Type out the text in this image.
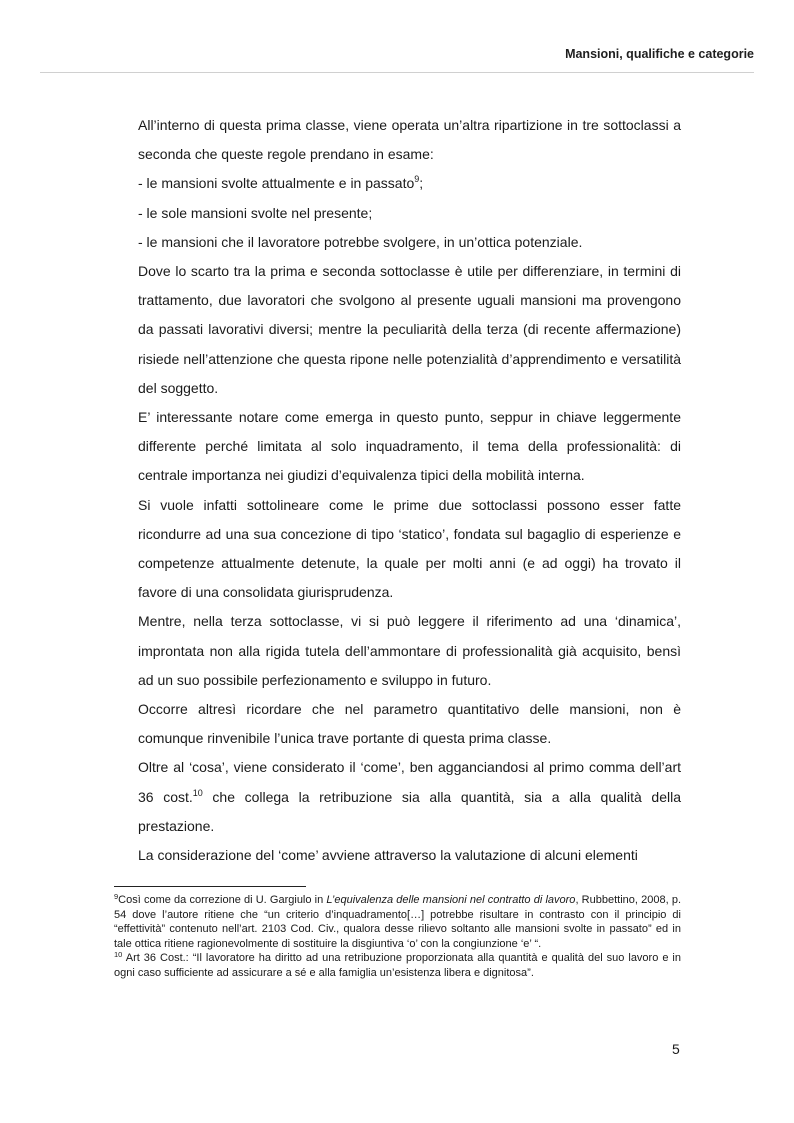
Mansioni, qualifiche e categorie

All’interno di questa prima classe, viene operata un’altra ripartizione in tre sottoclassi a seconda che queste regole prendano in esame:

- le mansioni svolte attualmente e in passato$^9$;

- le sole mansioni svolte nel presente;

- le mansioni che il lavoratore potrebbe svolgere, in un’ottica potenziale.

Dove lo scarto tra la prima e seconda sottoclasse è utile per differenziare, in termini di trattamento, due lavoratori che svolgono al presente uguali mansioni ma provengono da passati lavorativi diversi; mentre la peculiarità della terza (di recente affermazione) risiede nell’attenzione che questa ripone nelle potenzialità d’apprendimento e versatilità del soggetto.

E’ interessante notare come emerga in questo punto, seppur in chiave leggermente differente perché limitata al solo inquadramento, il tema della professionalità: di centrale importanza nei giudizi d’equivalenza tipici della mobilità interna.

Si vuole infatti sottolineare come le prime due sottoclassi possono esser fatte ricondurre ad una sua concezione di tipo ‘statico’, fondata sul bagaglio di esperienze e competenze attualmente detenute, la quale per molti anni (e ad oggi) ha trovato il favore di una consolidata giurisprudenza.

Mentre, nella terza sottoclasse, vi si può leggere il riferimento ad una ‘dinamica’, improntata non alla rigida tutela dell’ammontare di professionalità già acquisito, bensì ad un suo possibile perfezionamento e sviluppo in futuro.

Occorre altresì ricordare che nel parametro quantitativo delle mansioni, non è comunque rinvenibile l’unica trave portante di questa prima classe.

Oltre al ‘cosa’, viene considerato il ‘come’, ben agganciandosi al primo comma dell’art 36 cost.$^{10}$ che collega la retribuzione sia alla quantità, sia a alla qualità della prestazione.

La considerazione del ‘come’ avviene attraverso la valutazione di alcuni elementi

$^9$Così come da correzione di U. Gargiulo in L’equivalenza delle mansioni nel contratto di lavoro, Rubbettino, 2008, p. 54 dove l’autore ritiene che “un criterio d’inquadramento[…] potrebbe risultare in contrasto con il principio di “effettività” contenuto nell’art. 2103 Cod. Civ., qualora desse rilievo soltanto alle mansioni svolte in passato” ed in tale ottica ritiene ragionevolmente di sostituire la disgiuntiva ‘o’ con la congiunzione ‘e’ “.

$^{10}$ Art 36 Cost.: “Il lavoratore ha diritto ad una retribuzione proporzionata alla quantità e qualità del suo lavoro e in ogni caso sufficiente ad assicurare a sé e alla famiglia un’esistenza libera e dignitosa”.

5
